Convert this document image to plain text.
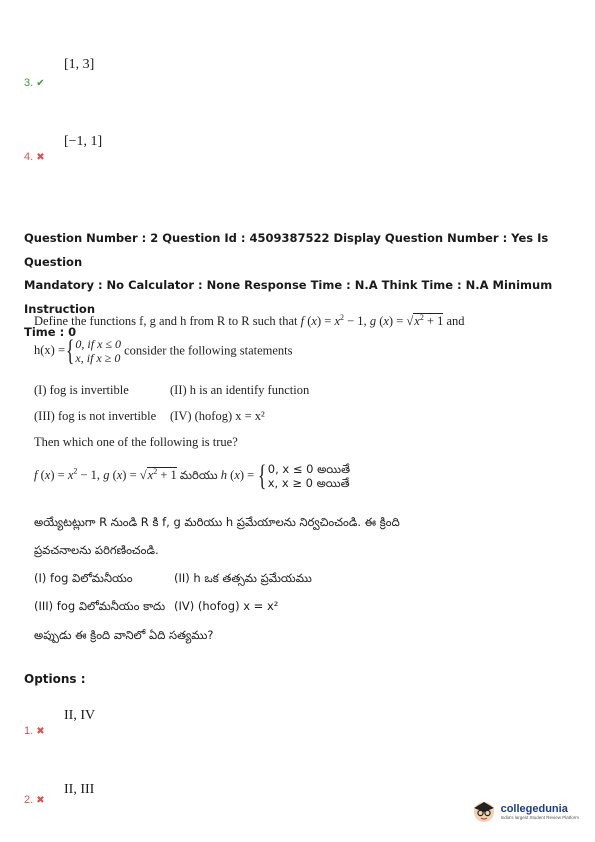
[1, 3]
3. ✔
[−1, 1]
4. ✖
Question Number : 2 Question Id : 4509387522 Display Question Number : Yes Is Question
Mandatory : No Calculator : None Response Time : N.A Think Time : N.A Minimum Instruction
Time : 0
Define the functions f, g and h from R to R such that f $(x) = x^2 - 1$, g $(x) = √x^2 + 1$ and
h(x) ={0, if x ≤ 0
x, if x ≥ 0 consider the following statements
(I) fog is invertible	(II) h is an identify function
(III) fog is not invertible (IV) (hofog) x = x²
Then which one of the following is true?
f $(x) = x^2 - 1$, g $(x) = √x^2 + 1$ మరియు h (x) = {0, x ≤ 0 అయితే
x, x ≥ 0 అయితే
అయ్యేటట్లుగా R నుండి R కి f, g మరియు h ప్రమేయాలను నిర్వచించండి. ఈ క్రింది
ప్రవచనాలను పరిగణించండి.
(I) fog విలోమనీయం	(II) h ఒక తత్సమ ప్రమేయము
(III) fog విలోమనీయం కాదు (IV) (hofog) x = x²
అప్పుడు ఈ క్రింది వానిలో ఏది సత్యము?
Options :
II, IV
1. ✖
II, III
2. ✖
collegedunia
India's largest Student Review Platform
